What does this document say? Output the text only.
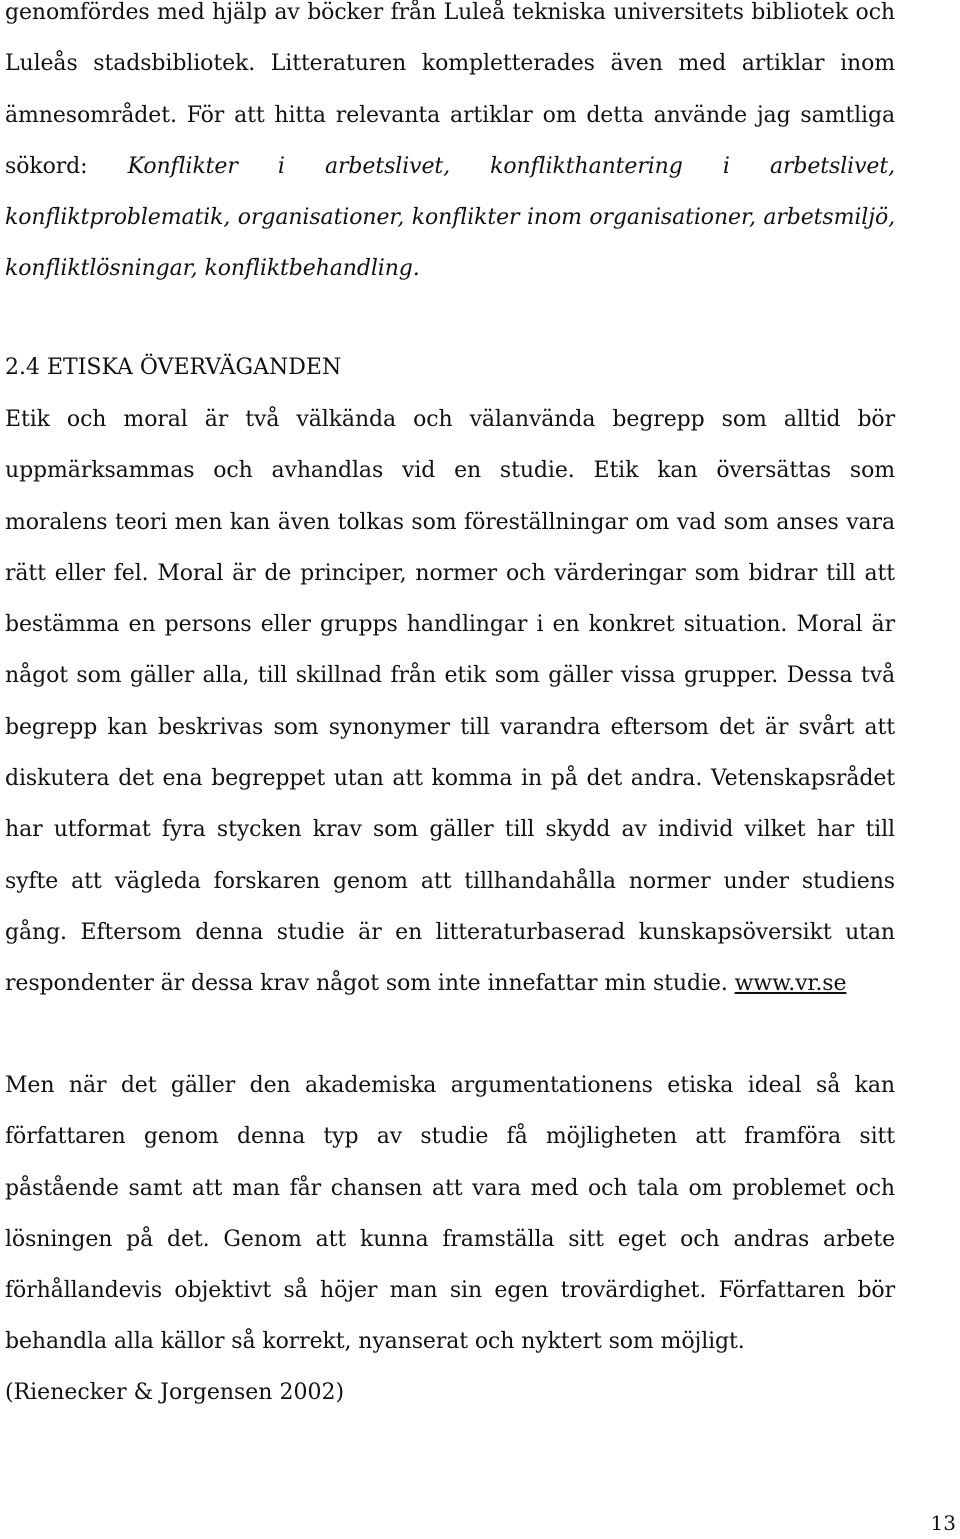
genomfördes med hjälp av böcker från Luleå tekniska universitets bibliotek och Luleås stadsbibliotek. Litteraturen kompletterades även med artiklar inom ämnesområdet. För att hitta relevanta artiklar om detta använde jag samtliga sökord: Konflikter i arbetslivet, konflikthantering i arbetslivet, konfliktproblematik, organisationer, konflikter inom organisationer, arbetsmiljö, konfliktlösningar, konfliktbehandling.
2.4 ETISKA ÖVERVÄGANDEN
Etik och moral är två välkända och välanvända begrepp som alltid bör uppmärksammas och avhandlas vid en studie. Etik kan översättas som moralens teori men kan även tolkas som föreställningar om vad som anses vara rätt eller fel. Moral är de principer, normer och värderingar som bidrar till att bestämma en persons eller grupps handlingar i en konkret situation. Moral är något som gäller alla, till skillnad från etik som gäller vissa grupper. Dessa två begrepp kan beskrivas som synonymer till varandra eftersom det är svårt att diskutera det ena begreppet utan att komma in på det andra. Vetenskapsrådet har utformat fyra stycken krav som gäller till skydd av individ vilket har till syfte att vägleda forskaren genom att tillhandahålla normer under studiens gång. Eftersom denna studie är en litteraturbaserad kunskapsöversikt utan respondenter är dessa krav något som inte innefattar min studie. www.vr.se
Men när det gäller den akademiska argumentationens etiska ideal så kan författaren genom denna typ av studie få möjligheten att framföra sitt påstående samt att man får chansen att vara med och tala om problemet och lösningen på det. Genom att kunna framställa sitt eget och andras arbete förhållandevis objektivt så höjer man sin egen trovärdighet. Författaren bör behandla alla källor så korrekt, nyanserat och nyktert som möjligt.
(Rienecker & Jorgensen 2002)
13
